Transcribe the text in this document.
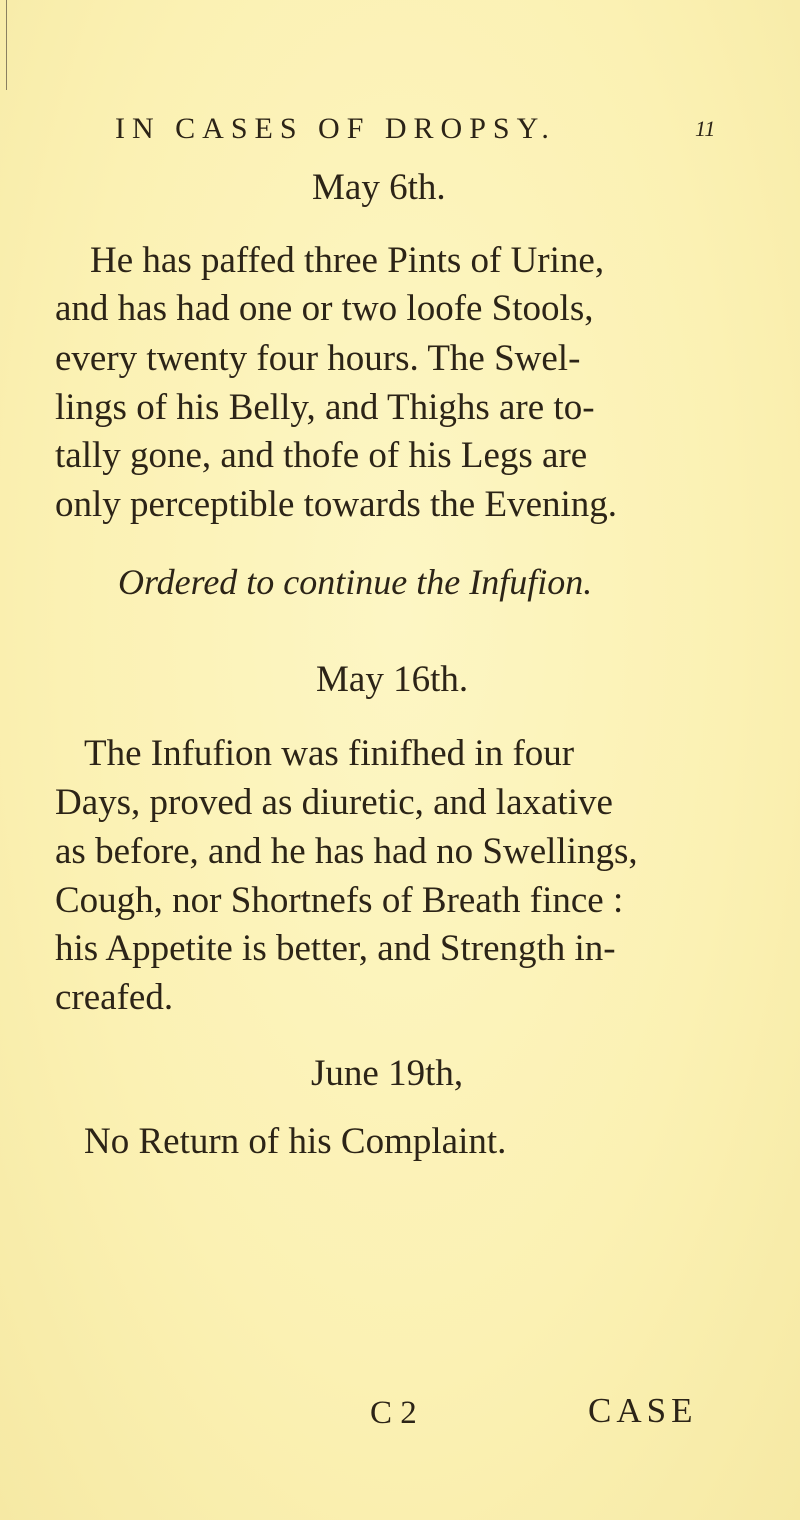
IN CASES OF DROPSY.	11
May 6th.
He has paffed three Pints of Urine,
and has had one or two loofe Stools,
every twenty four hours. The Swel-
lings of his Belly, and Thighs are to-
tally gone, and thofe of his Legs are
only perceptible towards the Evening.
Ordered to continue the Infufion.
May 16th.
The Infufion was finifhed in four
Days, proved as diuretic, and laxative
as before, and he has had no Swellings,
Cough, nor Shortnefs of Breath fince :
his Appetite is better, and Strength in-
creafed.
June 19th,
No Return of his Complaint.
C 2	CASE
